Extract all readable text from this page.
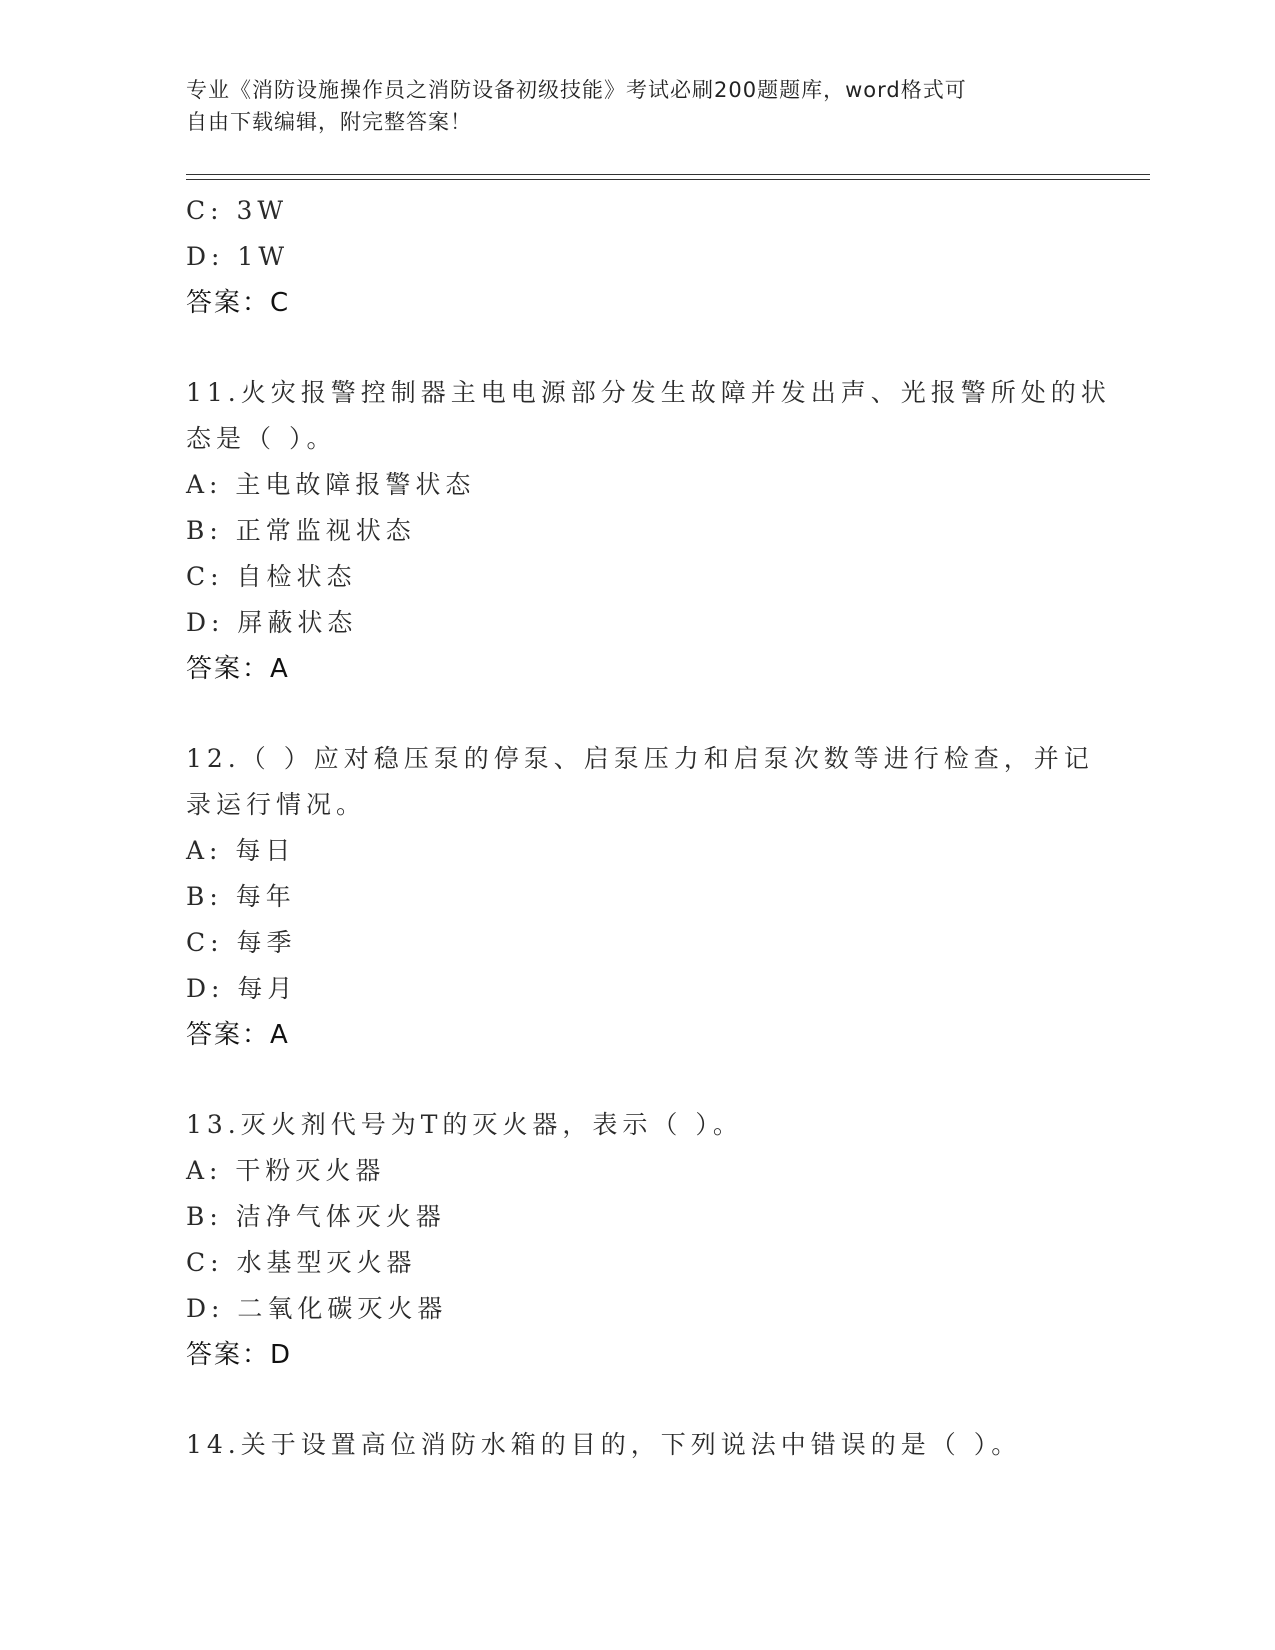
专业《消防设施操作员之消防设备初级技能》考试必刷200题题库，word格式可
自由下载编辑，附完整答案！
C: 3W
D: 1W
答案：C
11.火灾报警控制器主电电源部分发生故障并发出声、光报警所处的状
态是（ ）。
A: 主电故障报警状态
B: 正常监视状态
C: 自检状态
D: 屏蔽状态
答案：A
12.（ ）应对稳压泵的停泵、启泵压力和启泵次数等进行检查，并记
录运行情况。
A: 每日
B: 每年
C: 每季
D: 每月
答案：A
13.灭火剂代号为T的灭火器，表示（ ）。
A: 干粉灭火器
B: 洁净气体灭火器
C: 水基型灭火器
D: 二氧化碳灭火器
答案：D
14.关于设置高位消防水箱的目的，下列说法中错误的是（ ）。
